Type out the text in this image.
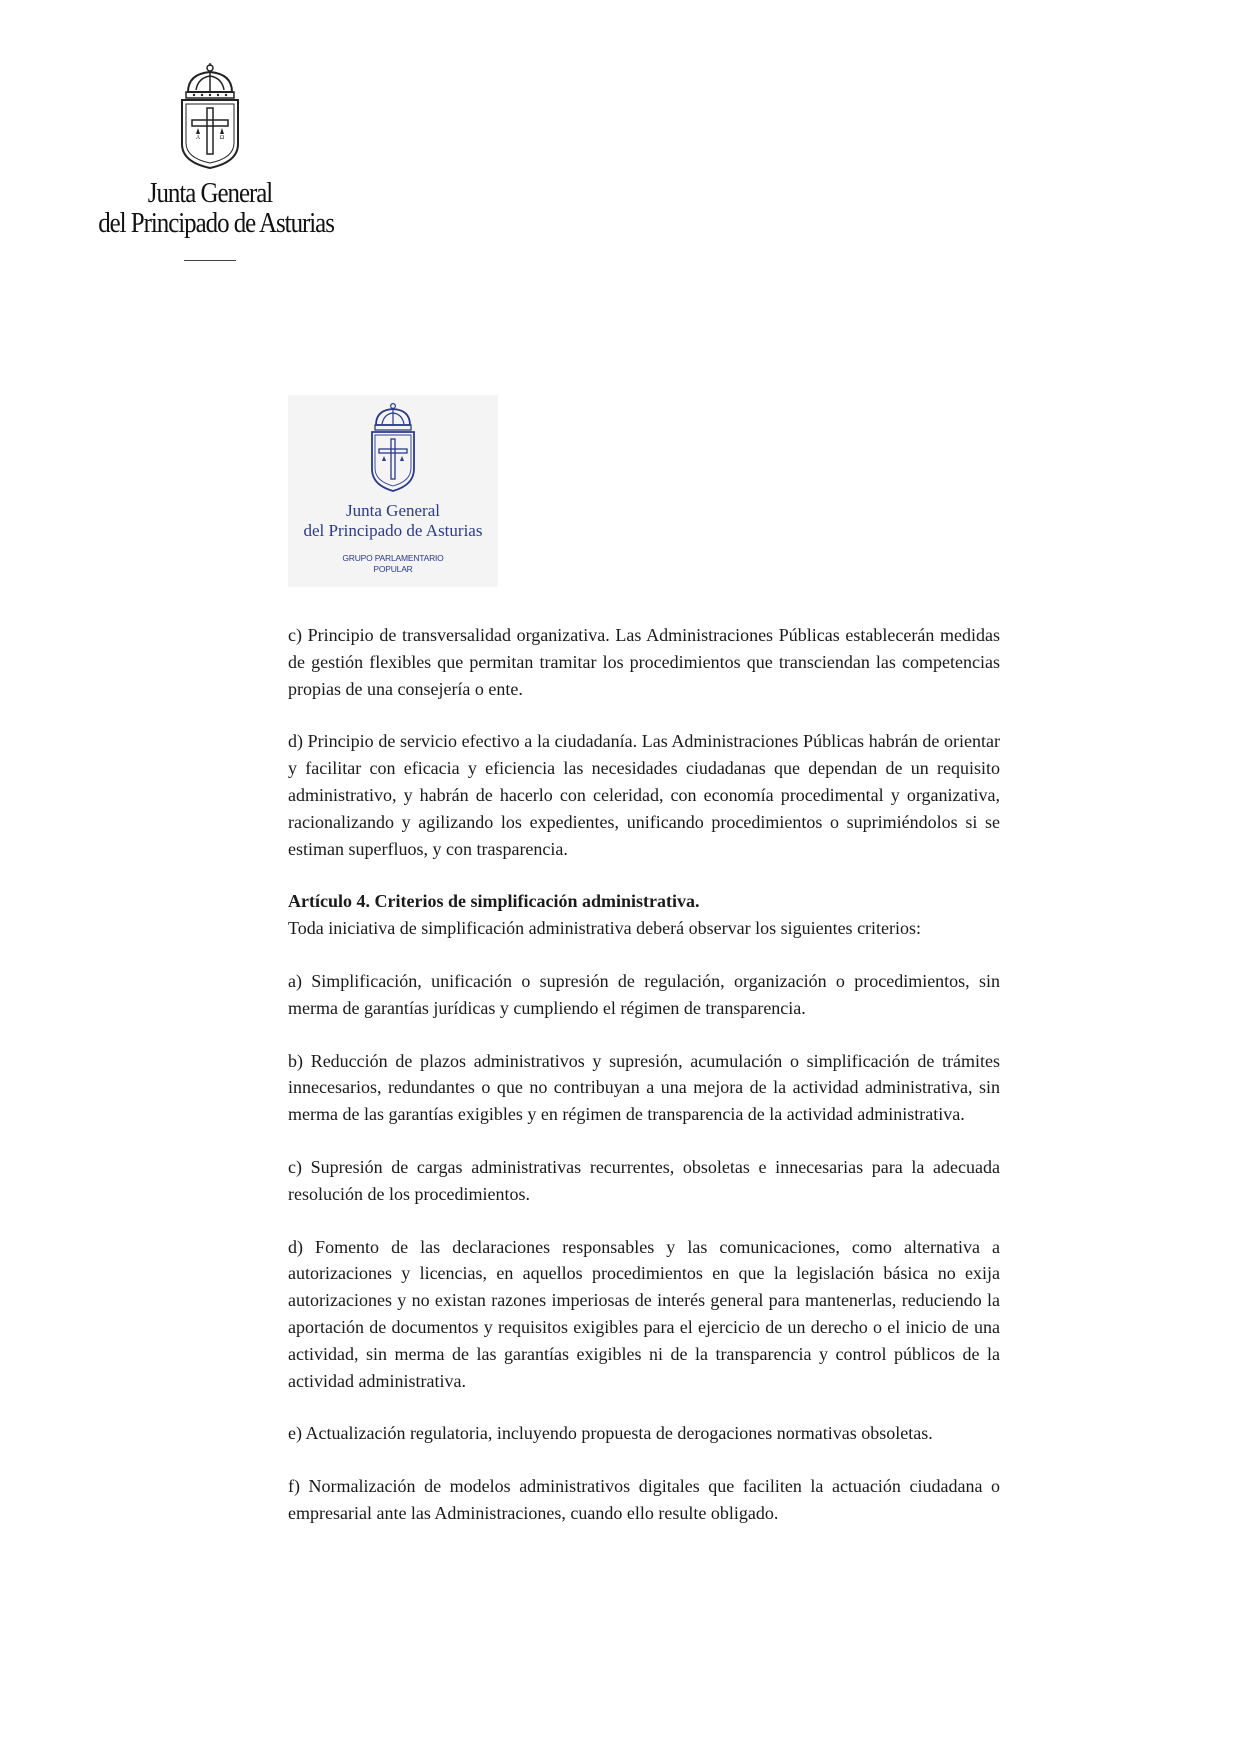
A	Ω
Junta General
del Principado de Asturias
Junta General
del Principado de Asturias
GRUPO PARLAMENTARIO
POPULAR

c) Principio de transversalidad organizativa. Las Administraciones Públicas establecerán medidas de gestión flexibles que permitan tramitar los procedimientos que transciendan las competencias propias de una consejería o ente.

d) Principio de servicio efectivo a la ciudadanía. Las Administraciones Públicas habrán de orientar y facilitar con eficacia y eficiencia las necesidades ciudadanas que dependan de un requisito administrativo, y habrán de hacerlo con celeridad, con economía procedimental y organizativa, racionalizando y agilizando los expedientes, unificando procedimientos o suprimiéndolos si se estiman superfluos, y con trasparencia.

Artículo 4. Criterios de simplificación administrativa.
Toda iniciativa de simplificación administrativa deberá observar los siguientes criterios:

a) Simplificación, unificación o supresión de regulación, organización o procedimientos, sin merma de garantías jurídicas y cumpliendo el régimen de transparencia.

b) Reducción de plazos administrativos y supresión, acumulación o simplificación de trámites innecesarios, redundantes o que no contribuyan a una mejora de la actividad administrativa, sin merma de las garantías exigibles y en régimen de transparencia de la actividad administrativa.

c) Supresión de cargas administrativas recurrentes, obsoletas e innecesarias para la adecuada resolución de los procedimientos.

d) Fomento de las declaraciones responsables y las comunicaciones, como alternativa a autorizaciones y licencias, en aquellos procedimientos en que la legislación básica no exija autorizaciones y no existan razones imperiosas de interés general para mantenerlas, reduciendo la aportación de documentos y requisitos exigibles para el ejercicio de un derecho o el inicio de una actividad, sin merma de las garantías exigibles ni de la transparencia y control públicos de la actividad administrativa.

e) Actualización regulatoria, incluyendo propuesta de derogaciones normativas obsoletas.

f) Normalización de modelos administrativos digitales que faciliten la actuación ciudadana o empresarial ante las Administraciones, cuando ello resulte obligado.
